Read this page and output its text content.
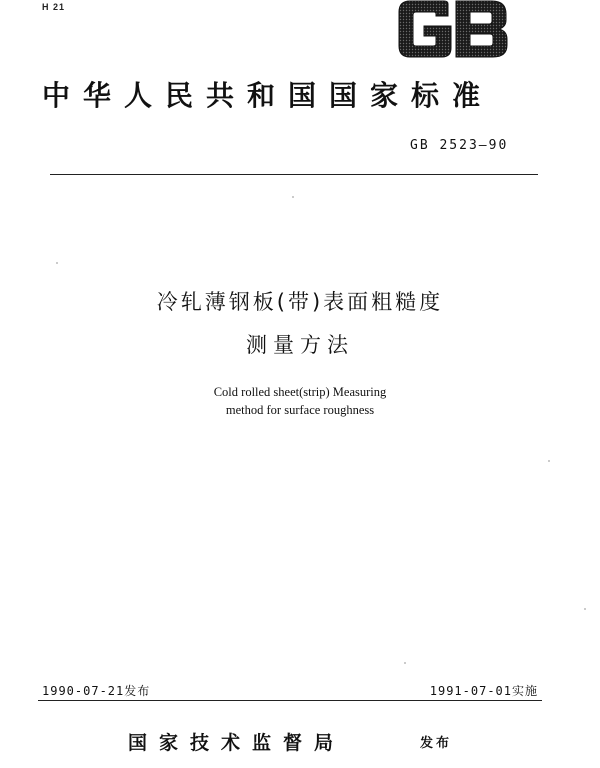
H 21
中华人民共和国国家标准
GB 2523—90
冷轧薄钢板(带)表面粗糙度
测量方法
Cold rolled sheet(strip) Measuring
method for surface roughness
1990-07-21发布	1991-07-01实施
国家技术监督局	发布
